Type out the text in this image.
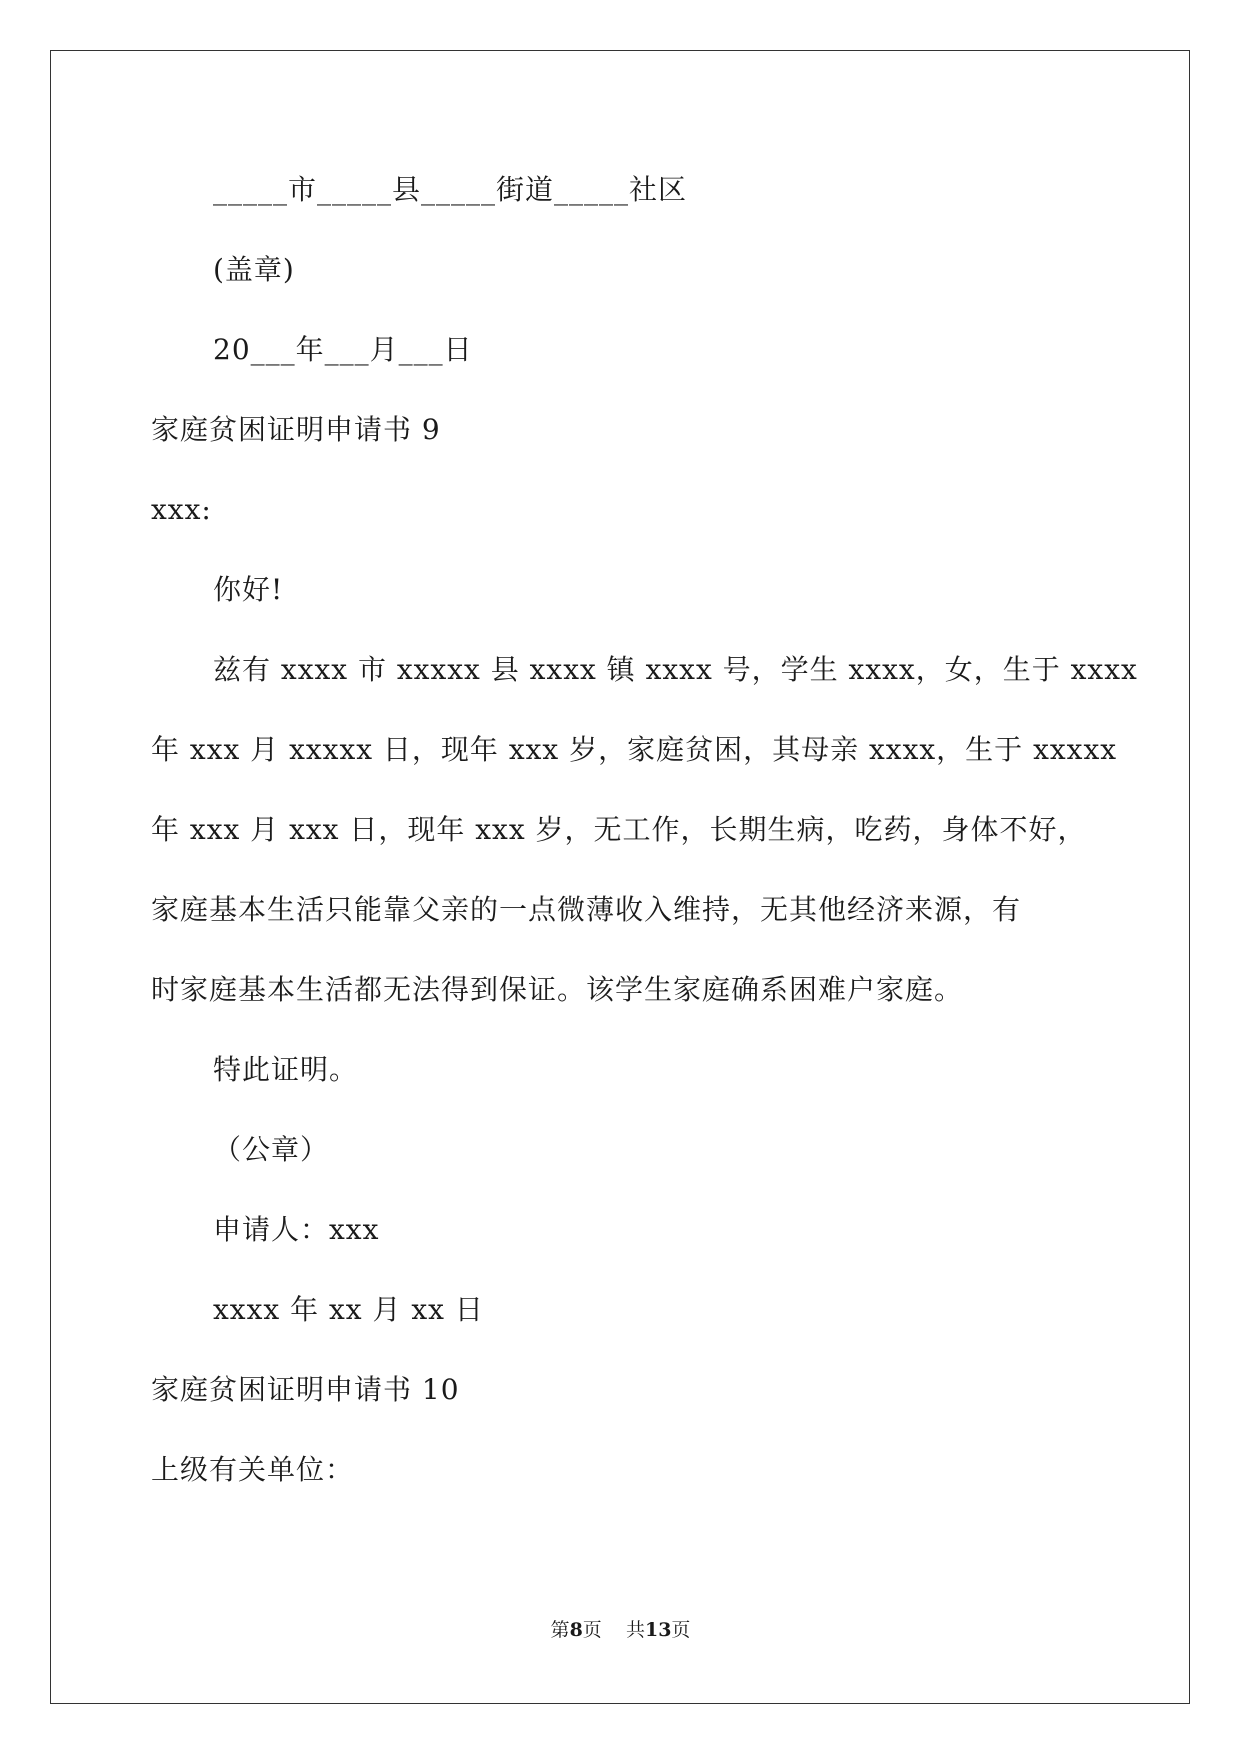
_____市_____县_____街道_____社区
(盖章)
20___年___月___日
家庭贫困证明申请书 9
xxx:
你好!
兹有 xxxx 市 xxxxx 县 xxxx 镇 xxxx 号，学生 xxxx，女，生于 xxxx
年 xxx 月 xxxxx 日，现年 xxx 岁，家庭贫困，其母亲 xxxx，生于 xxxxx
年 xxx 月 xxx 日，现年 xxx 岁，无工作，长期生病，吃药，身体不好，
家庭基本生活只能靠父亲的一点微薄收入维持，无其他经济来源，有
时家庭基本生活都无法得到保证。该学生家庭确系困难户家庭。
特此证明。
（公章）
申请人：xxx
xxxx 年 xx 月 xx 日
家庭贫困证明申请书 10
上级有关单位：
第8页    共13页
